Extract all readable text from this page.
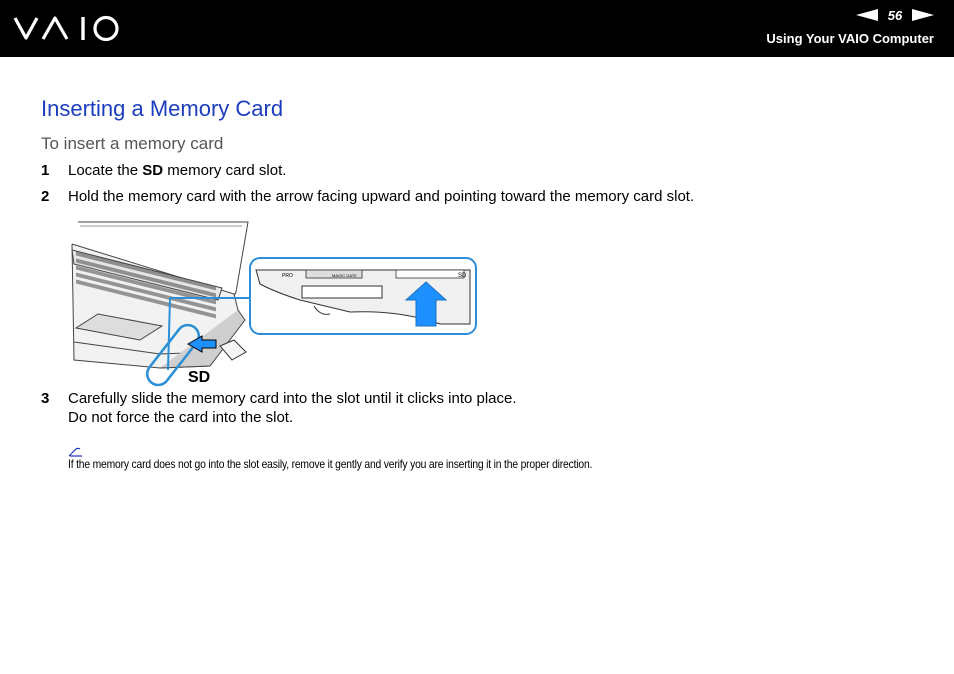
56
Using Your VAIO Computer
Inserting a Memory Card
To insert a memory card
1 Locate the SD memory card slot.
2 Hold the memory card with the arrow facing upward and pointing toward the memory card slot.
PRO	MAGIC GATE	SD
SD
3 Carefully slide the memory card into the slot until it clicks into place.
Do not force the card into the slot.
If the memory card does not go into the slot easily, remove it gently and verify you are inserting it in the proper direction.
